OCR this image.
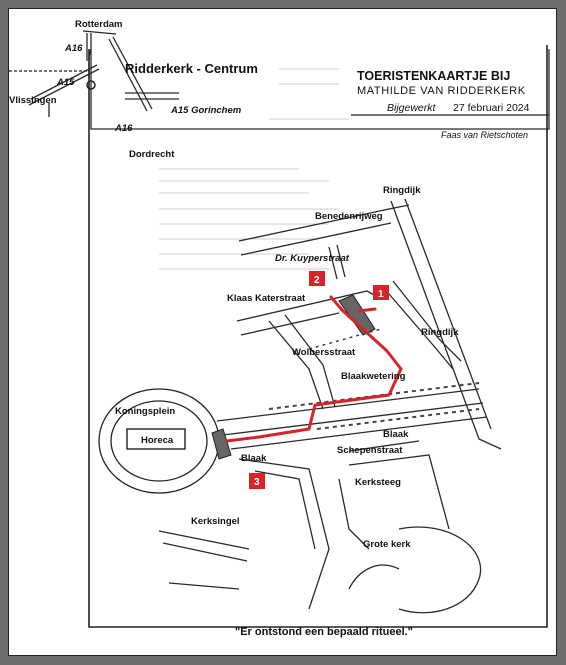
Rotterdam
A16
A15
Vlissingen
A15 Gorinchem
A16
Dordrecht
Ridderkerk - Centrum	TOERISTENKAARTJE BIJ
MATHILDE VAN RIDDERKERK
Bijgewerkt 27 februari 2024
Faas van Rietschoten
1
2
3
Ringdijk
Benedenrijweg
Dr. Kuyperstraat
Klaas Katerstraat
Ringdijk
Wolbersstraat
Blaakwetering
Koningsplein
Horeca
Blaak
Schepenstraat
Blaak
Kerksteeg
Kerksingel
Grote kerk
"Er ontstond een bepaald ritueel."
